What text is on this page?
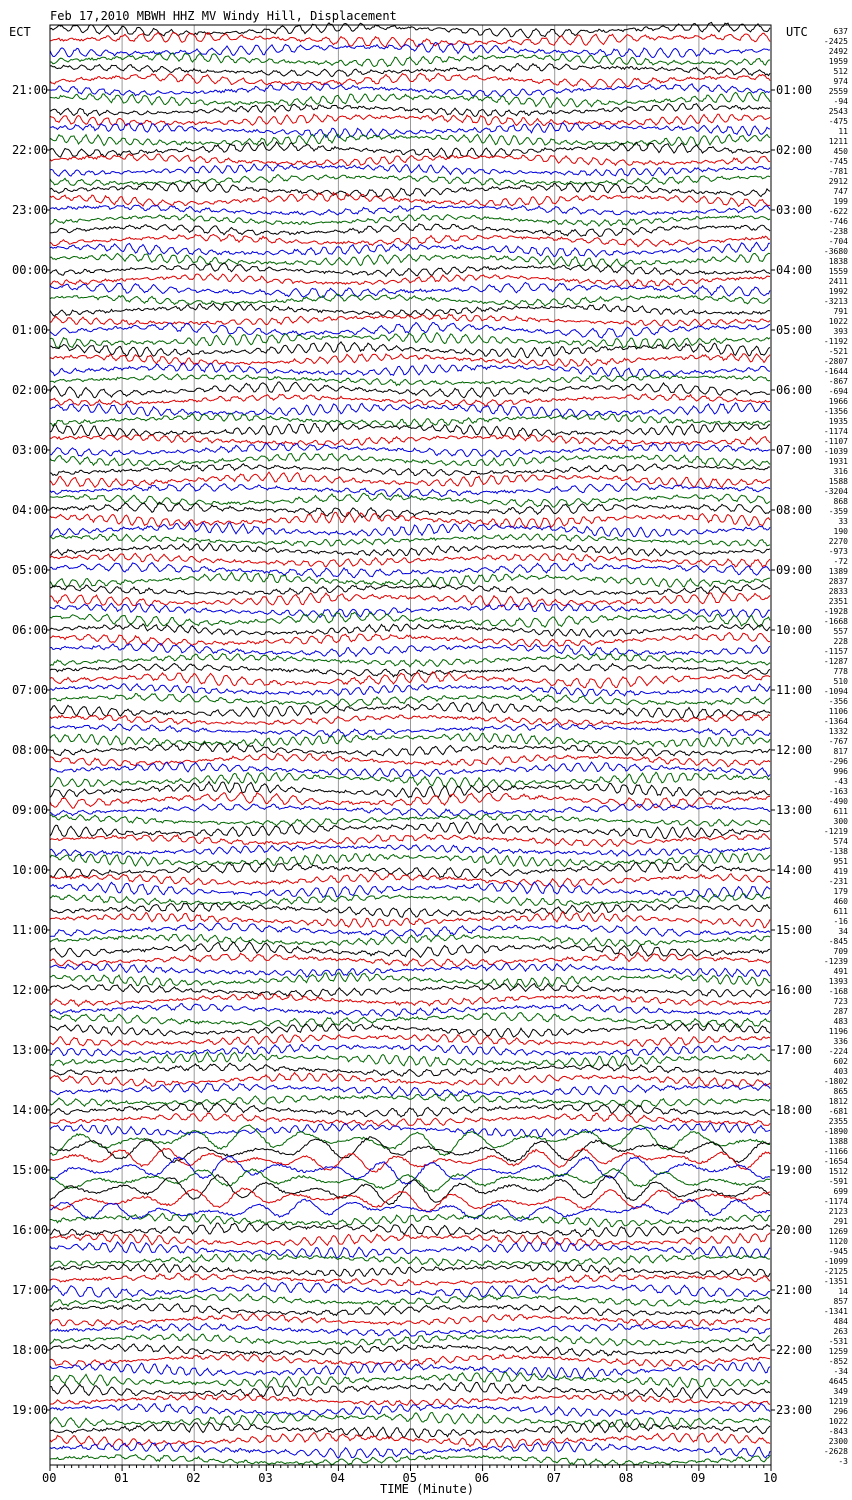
Feb 17,2010 MBWH HHZ MV Windy Hill, Displacement
ECT	UTC
00	01	02	03	04	05	06	07	08	09	10
637
-2425
2492
1959
512
974
2559
-94
2543
-475
11
1211
450
-745
-781
2912
747
199
-622
-746
-238
-704
-3680
1838
1559
2411
1992
-3213
791
1022
393
-1192
-521
-2807
-1644
-867
-694
1966
-1356
1935
-1174
-1107
-1039
1931
316
1588
-3204
868
-359
33
190
2270
-973
-72
1389
2837
2833
2351
-1928
-1668
557
228
-1157
-1287
778
510
-1094
-356
1106
-1364
1332
-767
817
-296
996
-43
-163
-490
611
300
-1219
574
-138
951
419
-231
179
460
611
-16
34
-845
709
-1239
491
1393
-168
723
287
483
1196
336
-224
602
403
-1802
865
1812
-681
2355
-1890
1388
-1166
-1654
1512
-591
699
-1174
2123
291
1269
1120
-945
-1099
-2125
-1351
14
857
-1341
484
263
-531
1259
-852
-34
4645
349
1219
296
1022
-843
2300
-2628
-3
21:00
22:00
23:00
00:00
01:00
02:00
03:00
04:00
05:00
06:00
07:00
08:00
09:00
10:00
11:00
12:00
13:00
14:00
15:00
16:00
17:00
18:00
19:00
01:00
02:00
03:00
04:00
05:00
06:00
07:00
08:00
09:00
10:00
11:00
12:00
13:00
14:00
15:00
16:00
17:00
18:00
19:00
20:00
21:00
22:00
23:00
TIME (Minute)
